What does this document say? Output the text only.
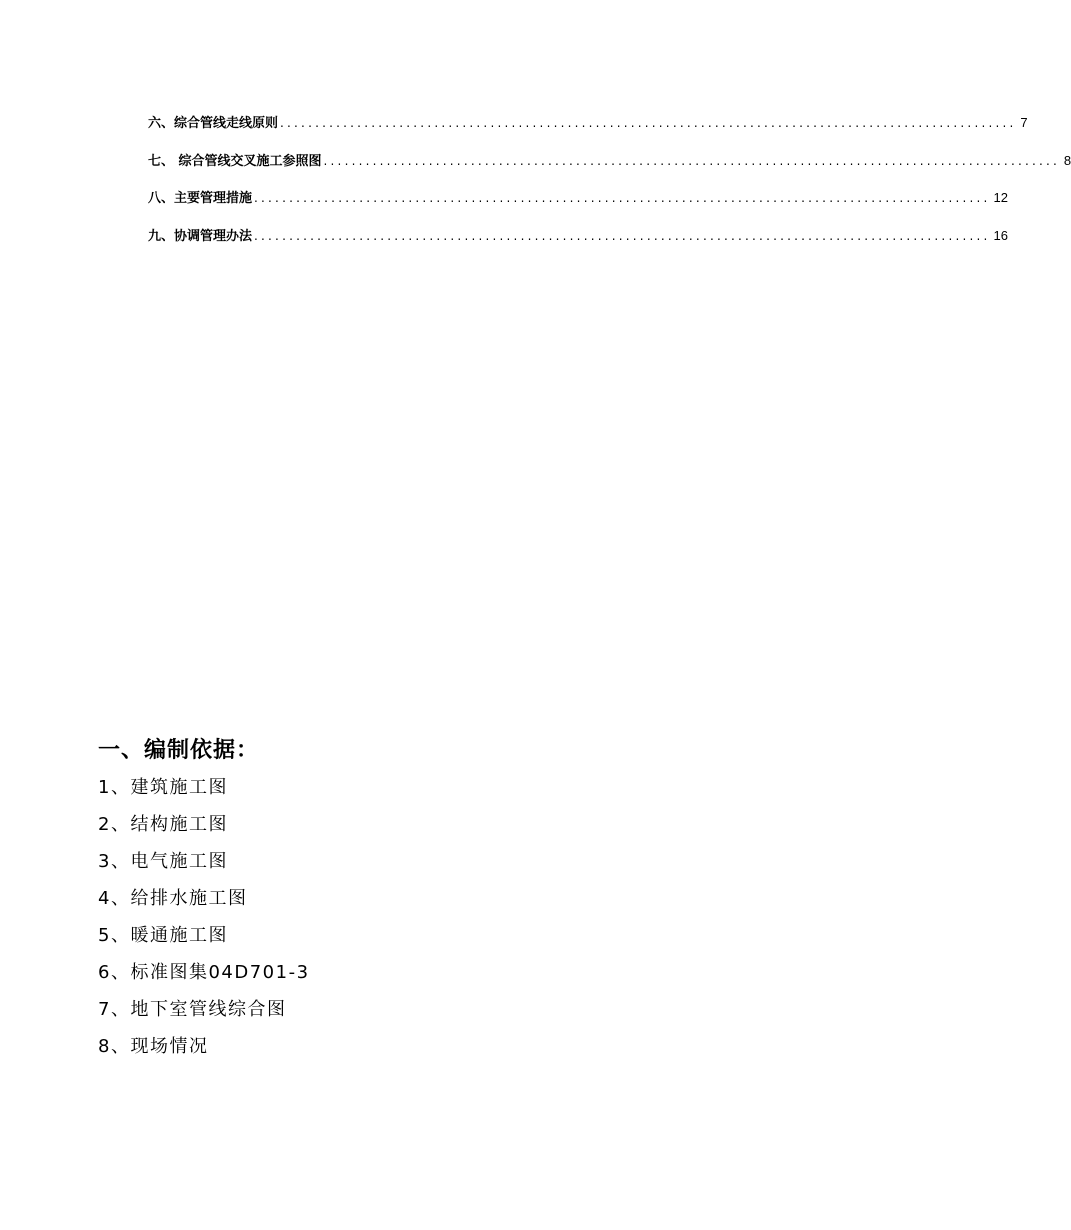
六、综合管线走线原则 ......................................................................................................... 7
七、 综合管线交叉施工参照图 ......................................................................................................... 8
八、主要管理措施 ......................................................................................................... 12
九、协调管理办法 ......................................................................................................... 16
一、编制依据：
1、建筑施工图
2、结构施工图
3、电气施工图
4、给排水施工图
5、暖通施工图
6、标准图集04D701-3
7、地下室管线综合图
8、现场情况
